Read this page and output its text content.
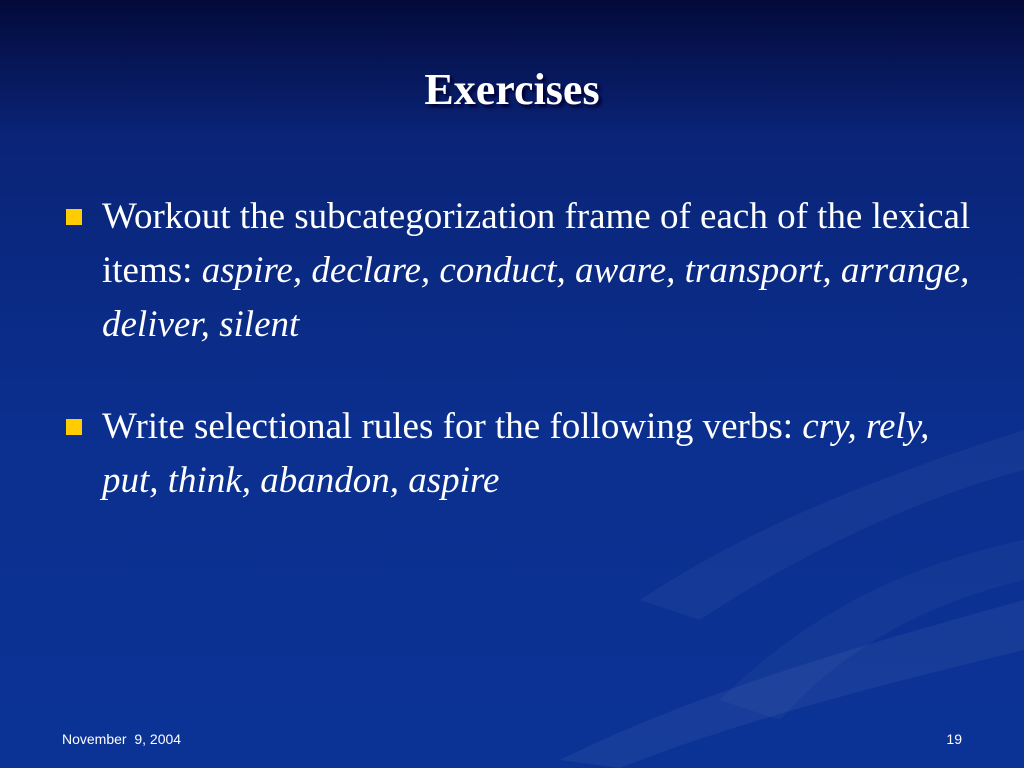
Exercises
Workout the subcategorization frame of each of the lexical items: aspire, declare, conduct, aware, transport, arrange, deliver, silent
Write selectional rules for the following verbs: cry, rely, put, think, abandon, aspire
November  9, 2004	19
